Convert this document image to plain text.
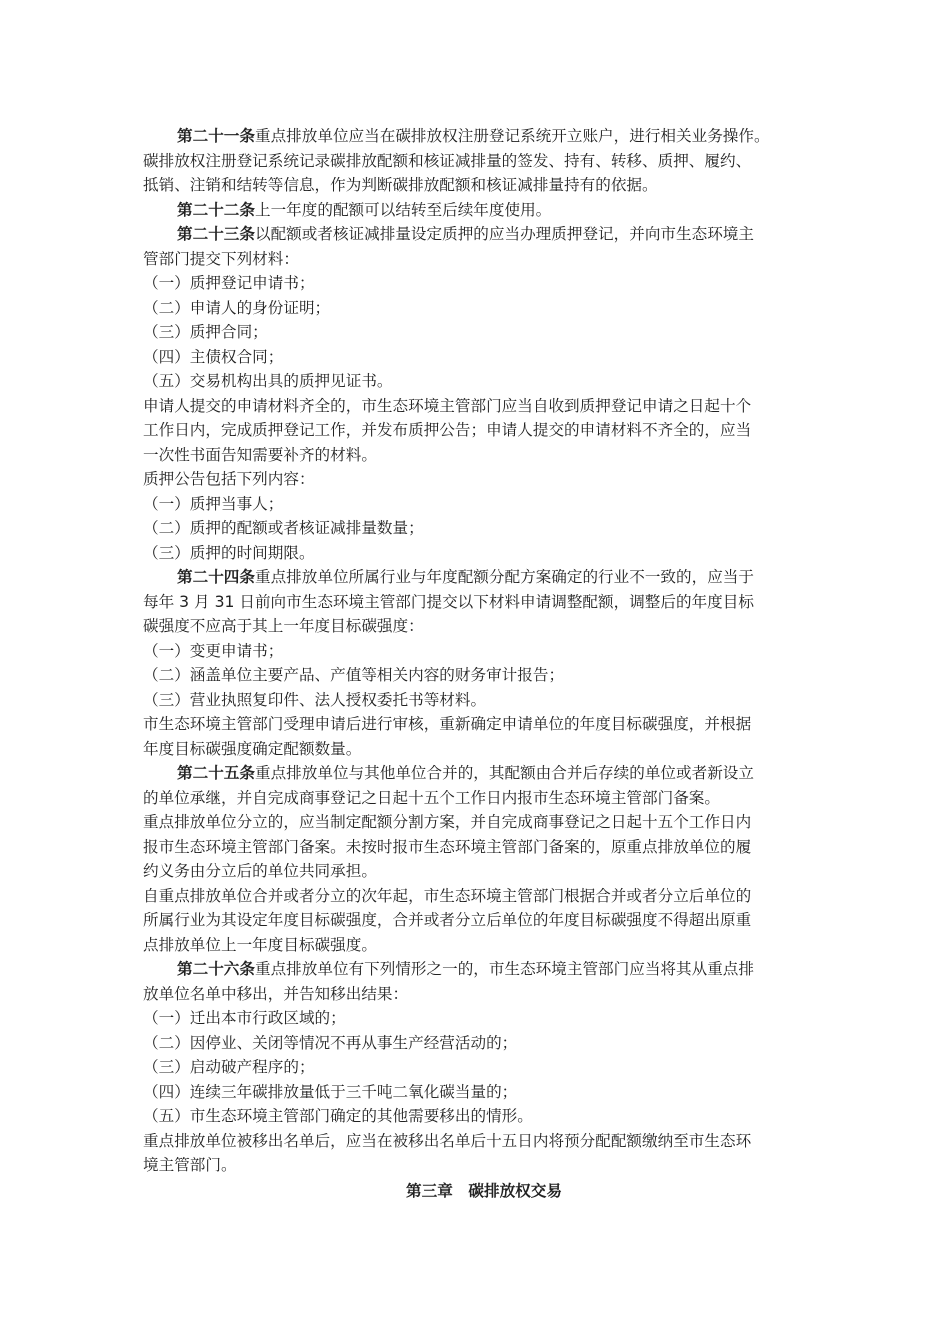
第二十一条重点排放单位应当在碳排放权注册登记系统开立账户，进行相关业务操作。
碳排放权注册登记系统记录碳排放配额和核证减排量的签发、持有、转移、质押、履约、
抵销、注销和结转等信息，作为判断碳排放配额和核证减排量持有的依据。
第二十二条上一年度的配额可以结转至后续年度使用。
第二十三条以配额或者核证减排量设定质押的应当办理质押登记，并向市生态环境主
管部门提交下列材料：
（一）质押登记申请书；
（二）申请人的身份证明；
（三）质押合同；
（四）主债权合同；
（五）交易机构出具的质押见证书。
申请人提交的申请材料齐全的，市生态环境主管部门应当自收到质押登记申请之日起十个
工作日内，完成质押登记工作，并发布质押公告；申请人提交的申请材料不齐全的，应当
一次性书面告知需要补齐的材料。
质押公告包括下列内容：
（一）质押当事人；
（二）质押的配额或者核证减排量数量；
（三）质押的时间期限。
第二十四条重点排放单位所属行业与年度配额分配方案确定的行业不一致的，应当于
每年 3 月 31 日前向市生态环境主管部门提交以下材料申请调整配额，调整后的年度目标
碳强度不应高于其上一年度目标碳强度：
（一）变更申请书；
（二）涵盖单位主要产品、产值等相关内容的财务审计报告；
（三）营业执照复印件、法人授权委托书等材料。
市生态环境主管部门受理申请后进行审核，重新确定申请单位的年度目标碳强度，并根据
年度目标碳强度确定配额数量。
第二十五条重点排放单位与其他单位合并的，其配额由合并后存续的单位或者新设立
的单位承继，并自完成商事登记之日起十五个工作日内报市生态环境主管部门备案。
重点排放单位分立的，应当制定配额分割方案，并自完成商事登记之日起十五个工作日内
报市生态环境主管部门备案。未按时报市生态环境主管部门备案的，原重点排放单位的履
约义务由分立后的单位共同承担。
自重点排放单位合并或者分立的次年起，市生态环境主管部门根据合并或者分立后单位的
所属行业为其设定年度目标碳强度，合并或者分立后单位的年度目标碳强度不得超出原重
点排放单位上一年度目标碳强度。
第二十六条重点排放单位有下列情形之一的，市生态环境主管部门应当将其从重点排
放单位名单中移出，并告知移出结果：
（一）迁出本市行政区域的；
（二）因停业、关闭等情况不再从事生产经营活动的；
（三）启动破产程序的；
（四）连续三年碳排放量低于三千吨二氧化碳当量的；
（五）市生态环境主管部门确定的其他需要移出的情形。
重点排放单位被移出名单后，应当在被移出名单后十五日内将预分配配额缴纳至市生态环
境主管部门。
第三章　碳排放权交易
